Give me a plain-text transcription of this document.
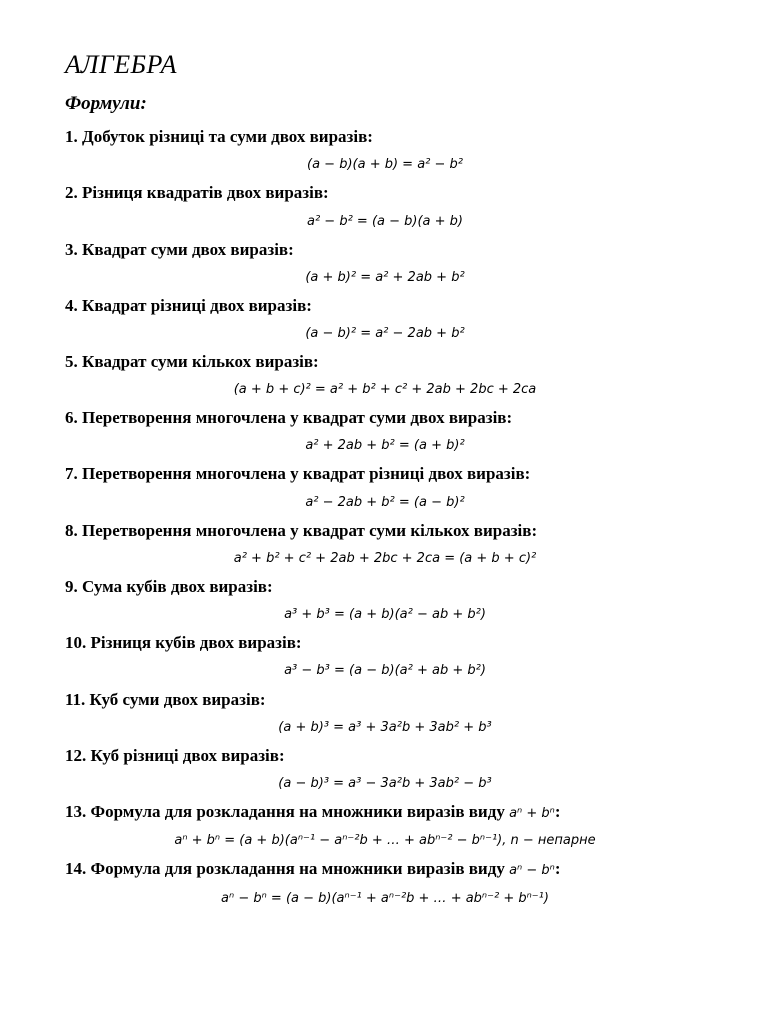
АЛГЕБРА
Формули:
1. Добуток різниці та суми двох виразів:
(a − b)(a + b) = a² − b²
2. Різниця квадратів двох виразів:
a² − b² = (a − b)(a + b)
3. Квадрат суми двох виразів:
(a + b)² = a² + 2ab + b²
4. Квадрат різниці двох виразів:
(a − b)² = a² − 2ab + b²
5. Квадрат суми кількох виразів:
(a + b + c)² = a² + b² + c² + 2ab + 2bc + 2ca
6. Перетворення многочлена у квадрат суми двох виразів:
a² + 2ab + b² = (a + b)²
7. Перетворення многочлена у квадрат різниці двох виразів:
a² − 2ab + b² = (a − b)²
8. Перетворення многочлена у квадрат суми кількох виразів:
a² + b² + c² + 2ab + 2bc + 2ca = (a + b + c)²
9. Сума кубів двох виразів:
a³ + b³ = (a + b)(a² − ab + b²)
10. Різниця кубів двох виразів:
a³ − b³ = (a − b)(a² + ab + b²)
11. Куб суми двох виразів:
(a + b)³ = a³ + 3a²b + 3ab² + b³
12. Куб різниці двох виразів:
(a − b)³ = a³ − 3a²b + 3ab² − b³
13. Формула для розкладання на множники виразів виду aⁿ + bⁿ:
aⁿ + bⁿ = (a + b)(aⁿ⁻¹ − aⁿ⁻²b + … + abⁿ⁻² − bⁿ⁻¹), n − непарне
14. Формула для розкладання на множники виразів виду aⁿ − bⁿ:
aⁿ − bⁿ = (a − b)(aⁿ⁻¹ + aⁿ⁻²b + … + abⁿ⁻² + bⁿ⁻¹)
